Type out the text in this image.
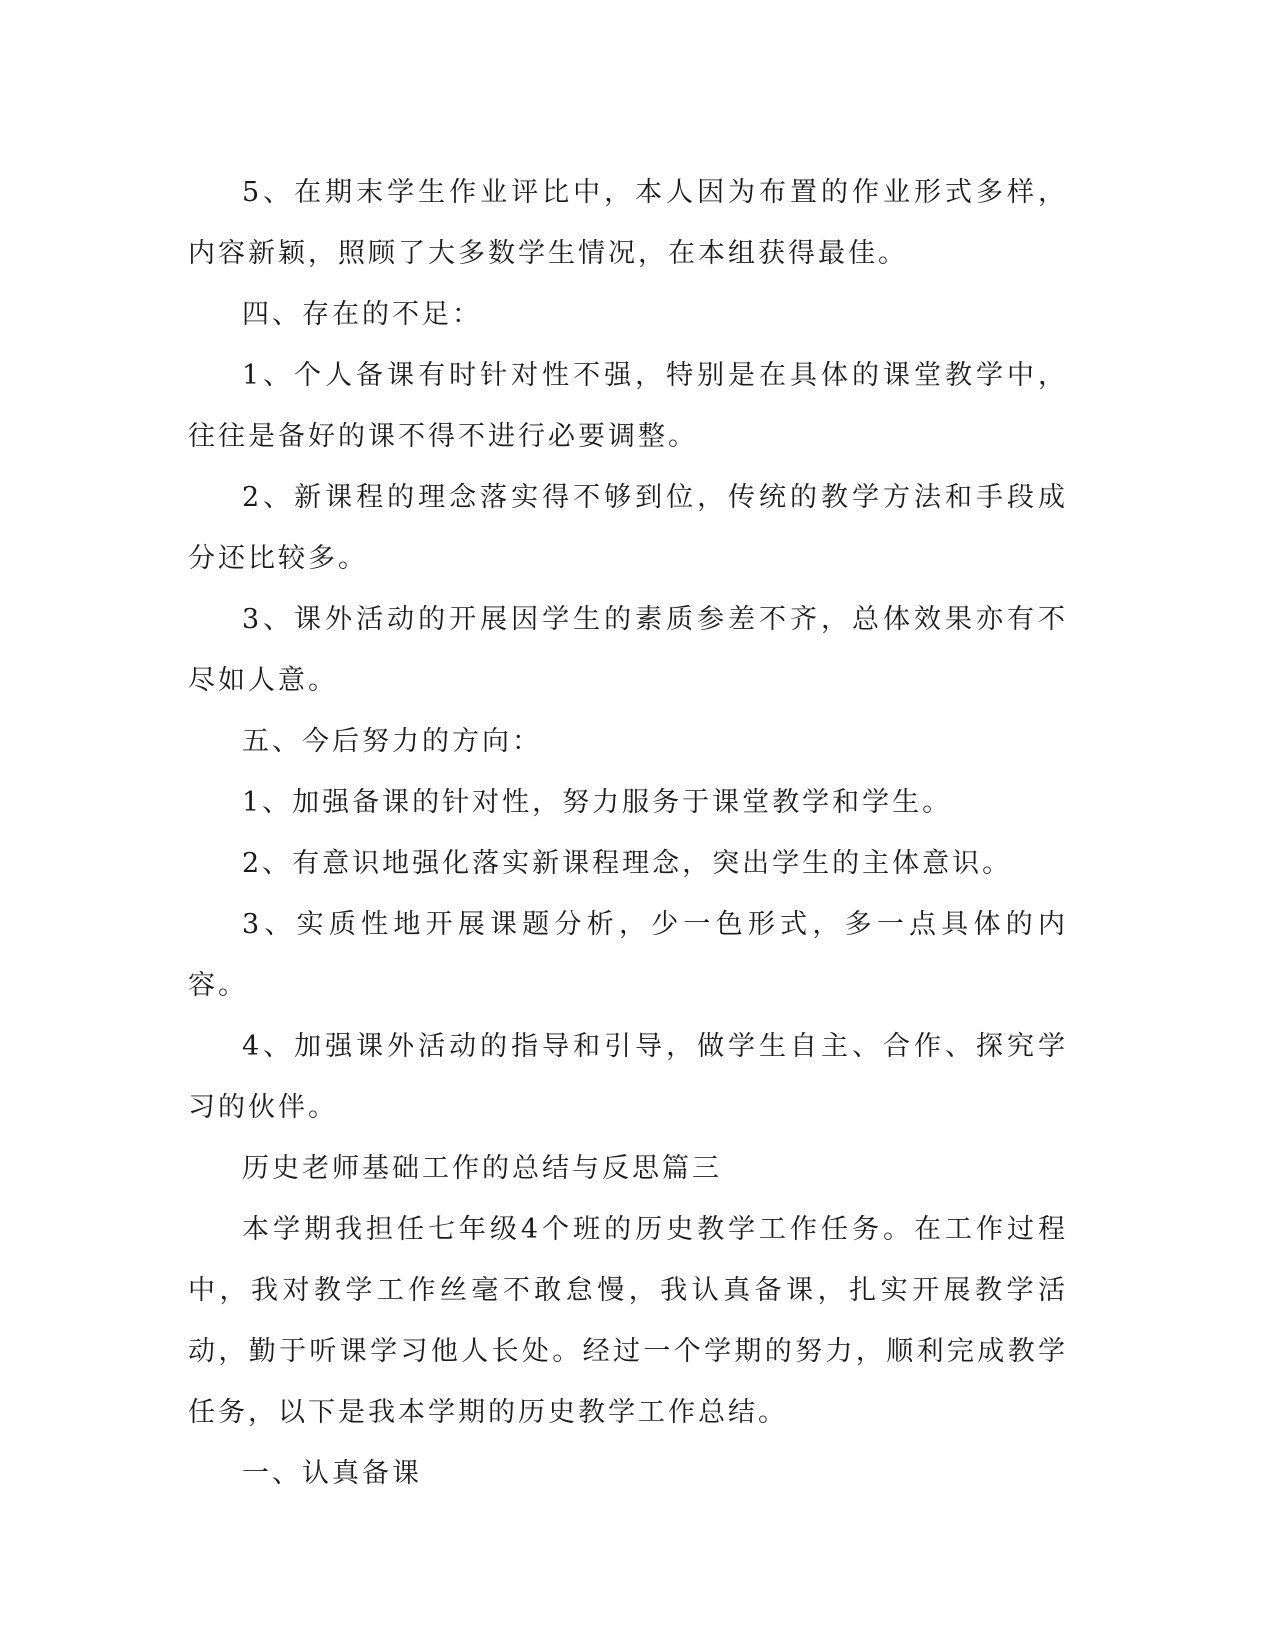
5、在期末学生作业评比中，本人因为布置的作业形式多样，内容新颖，照顾了大多数学生情况，在本组获得最佳。

四、存在的不足：

1、个人备课有时针对性不强，特别是在具体的课堂教学中，往往是备好的课不得不进行必要调整。

2、新课程的理念落实得不够到位，传统的教学方法和手段成分还比较多。

3、课外活动的开展因学生的素质参差不齐，总体效果亦有不尽如人意。

五、今后努力的方向：

1、加强备课的针对性，努力服务于课堂教学和学生。

2、有意识地强化落实新课程理念，突出学生的主体意识。

3、实质性地开展课题分析，少一色形式，多一点具体的内容。

4、加强课外活动的指导和引导，做学生自主、合作、探究学习的伙伴。

历史老师基础工作的总结与反思篇三

本学期我担任七年级4个班的历史教学工作任务。在工作过程中，我对教学工作丝毫不敢怠慢，我认真备课，扎实开展教学活动，勤于听课学习他人长处。经过一个学期的努力，顺利完成教学任务，以下是我本学期的历史教学工作总结。

一、认真备课
